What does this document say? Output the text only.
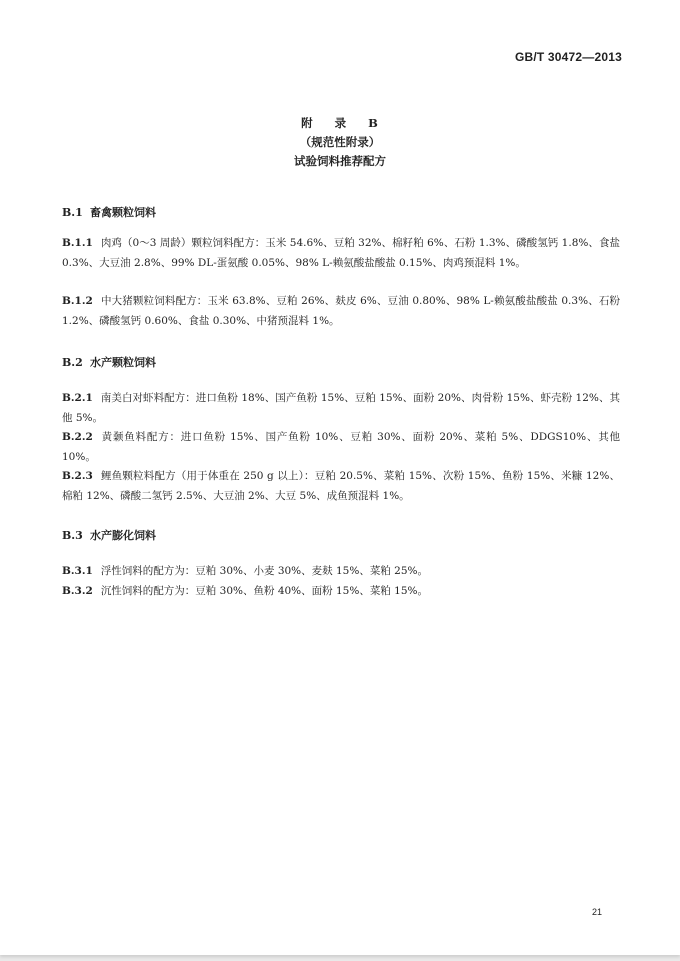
GB/T 30472—2013
附 录 B
（规范性附录）
试验饲料推荐配方
B.1 畜禽颗粒饲料
B.1.1 肉鸡（0～3 周龄）颗粒饲料配方：玉米 54.6%、豆粕 32%、棉籽粕 6%、石粉 1.3%、磷酸氢钙 1.8%、食盐 0.3%、大豆油 2.8%、99% DL-蛋氨酸 0.05%、98% L-赖氨酸盐酸盐 0.15%、肉鸡预混料 1%。
B.1.2 中大猪颗粒饲料配方：玉米 63.8%、豆粕 26%、麸皮 6%、豆油 0.80%、98% L-赖氨酸盐酸盐 0.3%、石粉 1.2%、磷酸氢钙 0.60%、食盐 0.30%、中猪预混料 1%。
B.2 水产颗粒饲料
B.2.1 南美白对虾料配方：进口鱼粉 18%、国产鱼粉 15%、豆粕 15%、面粉 20%、肉骨粉 15%、虾壳粉 12%、其他 5%。
B.2.2 黄颡鱼料配方：进口鱼粉 15%、国产鱼粉 10%、豆粕 30%、面粉 20%、菜粕 5%、DDGS10%、其他 10%。
B.2.3 鲤鱼颗粒料配方（用于体重在 250 g 以上）：豆粕 20.5%、菜粕 15%、次粉 15%、鱼粉 15%、米糠 12%、棉粕 12%、磷酸二氢钙 2.5%、大豆油 2%、大豆 5%、成鱼预混料 1%。
B.3 水产膨化饲料
B.3.1 浮性饲料的配方为：豆粕 30%、小麦 30%、麦麸 15%、菜粕 25%。
B.3.2 沉性饲料的配方为：豆粕 30%、鱼粉 40%、面粉 15%、菜粕 15%。
21
